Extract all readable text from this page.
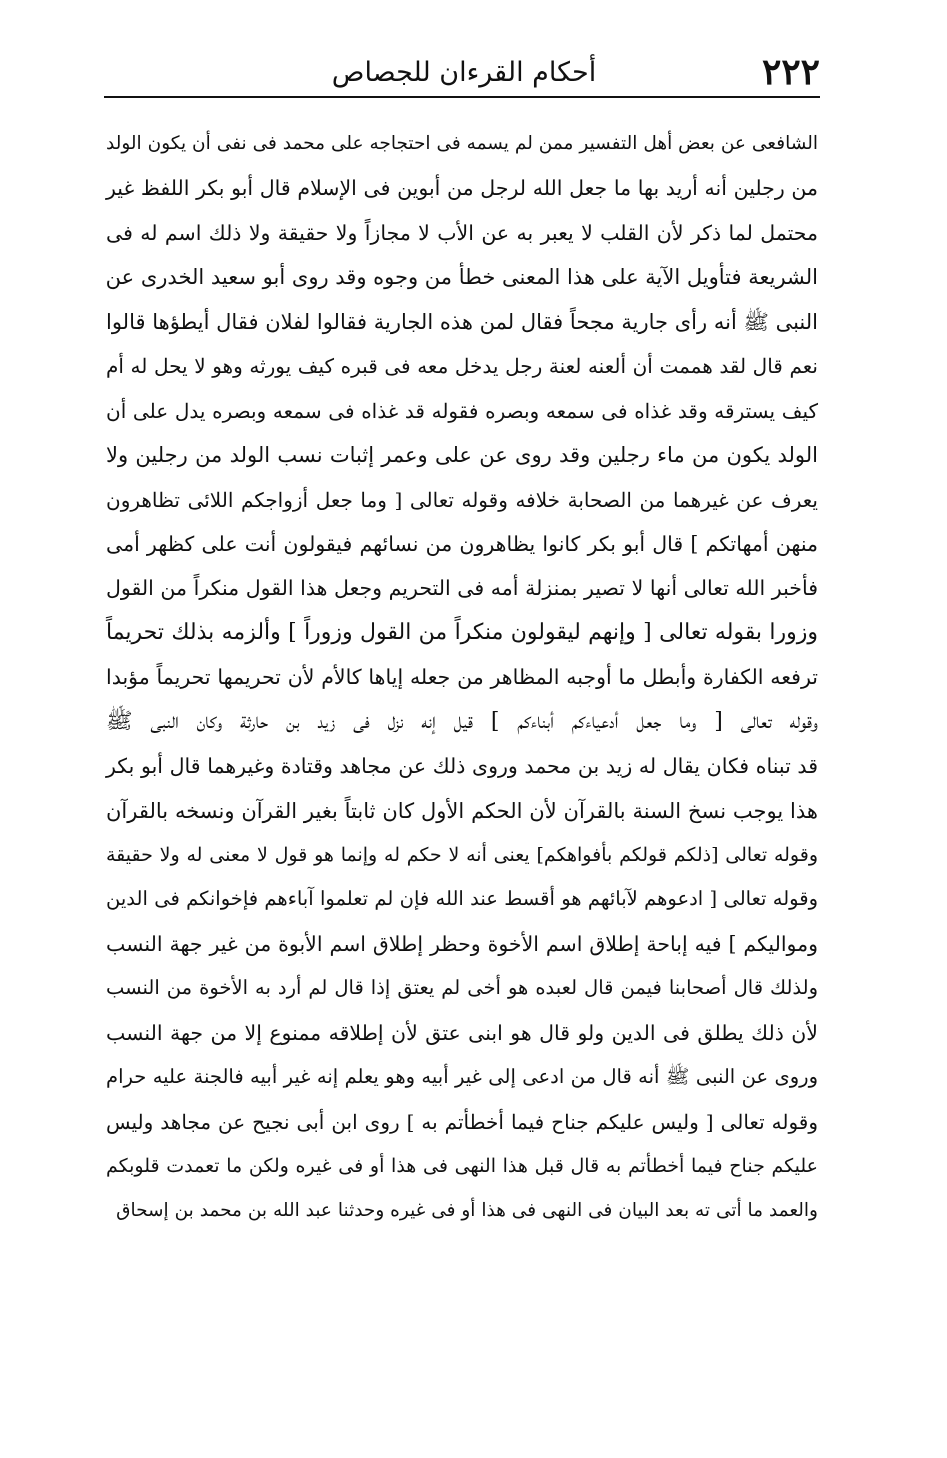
٢٢٢
أحكام القرءان للجصاص
الشافعى عن بعض أهل التفسير ممن لم يسمه فى احتجاجه على محمد فى نفى أن يكون الولد
من رجلين أنه أريد بها ما جعل الله لرجل من أبوين فى الإسلام قال أبو بكر اللفظ غير
محتمل لما ذكر لأن القلب لا يعبر به عن الأب لا مجازاً ولا حقيقة ولا ذلك اسم له فى
الشريعة فتأويل الآية على هذا المعنى خطأ من وجوه وقد روى أبو سعيد الخدرى عن
النبى ﷺ أنه رأى جارية مجحاً فقال لمن هذه الجارية فقالوا لفلان فقال أيطؤها قالوا
نعم قال لقد هممت أن ألعنه لعنة رجل يدخل معه فى قبره كيف يورثه وهو لا يحل له أم
كيف يسترقه وقد غذاه فى سمعه وبصره فقوله قد غذاه فى سمعه وبصره يدل على أن
الولد يكون من ماء رجلين وقد روى عن على وعمر إثبات نسب الولد من رجلين ولا
يعرف عن غيرهما من الصحابة خلافه وقوله تعالى [ وما جعل أزواجكم اللائى تظاهرون
منهن أمهاتكم ] قال أبو بكر كانوا يظاهرون من نسائهم فيقولون أنت على كظهر أمى
فأخبر الله تعالى أنها لا تصير بمنزلة أمه فى التحريم وجعل هذا القول منكراً من القول
وزورا بقوله تعالى [ وإنهم ليقولون منكراً من القول وزوراً ] وألزمه بذلك تحريماً
ترفعه الكفارة وأبطل ما أوجبه المظاهر من جعله إياها كالأم لأن تحريمها تحريماً مؤبدا
وقوله تعالى [ وما جعل أدعياءكم أبناءكم ] قيل إنه نزل فى زيد بن حارثة وكان النبى ﷺ
قد تبناه فكان يقال له زيد بن محمد وروى ذلك عن مجاهد وقتادة وغيرهما قال أبو بكر
هذا يوجب نسخ السنة بالقرآن لأن الحكم الأول كان ثابتاً بغير القرآن ونسخه بالقرآن
وقوله تعالى [ذلكم قولكم بأفواهكم] يعنى أنه لا حكم له وإنما هو قول لا معنى له ولا حقيقة
وقوله تعالى [ ادعوهم لآبائهم هو أقسط عند الله فإن لم تعلموا آباءهم فإخوانكم فى الدين
ومواليكم ] فيه إباحة إطلاق اسم الأخوة وحظر إطلاق اسم الأبوة من غير جهة النسب
ولذلك قال أصحابنا فيمن قال لعبده هو أخى لم يعتق إذا قال لم أرد به الأخوة من النسب
لأن ذلك يطلق فى الدين ولو قال هو ابنى عتق لأن إطلاقه ممنوع إلا من جهة النسب
وروى عن النبى ﷺ أنه قال من ادعى إلى غير أبيه وهو يعلم إنه غير أبيه فالجنة عليه حرام
وقوله تعالى [ وليس عليكم جناح فيما أخطأتم به ] روى ابن أبى نجيح عن مجاهد وليس
عليكم جناح فيما أخطأتم به قال قبل هذا النهى فى هذا أو فى غيره ولكن ما تعمدت قلوبكم
والعمد ما أتى ته بعد البيان فى النهى فى هذا أو فى غيره وحدثنا عبد الله بن محمد بن إسحاق
